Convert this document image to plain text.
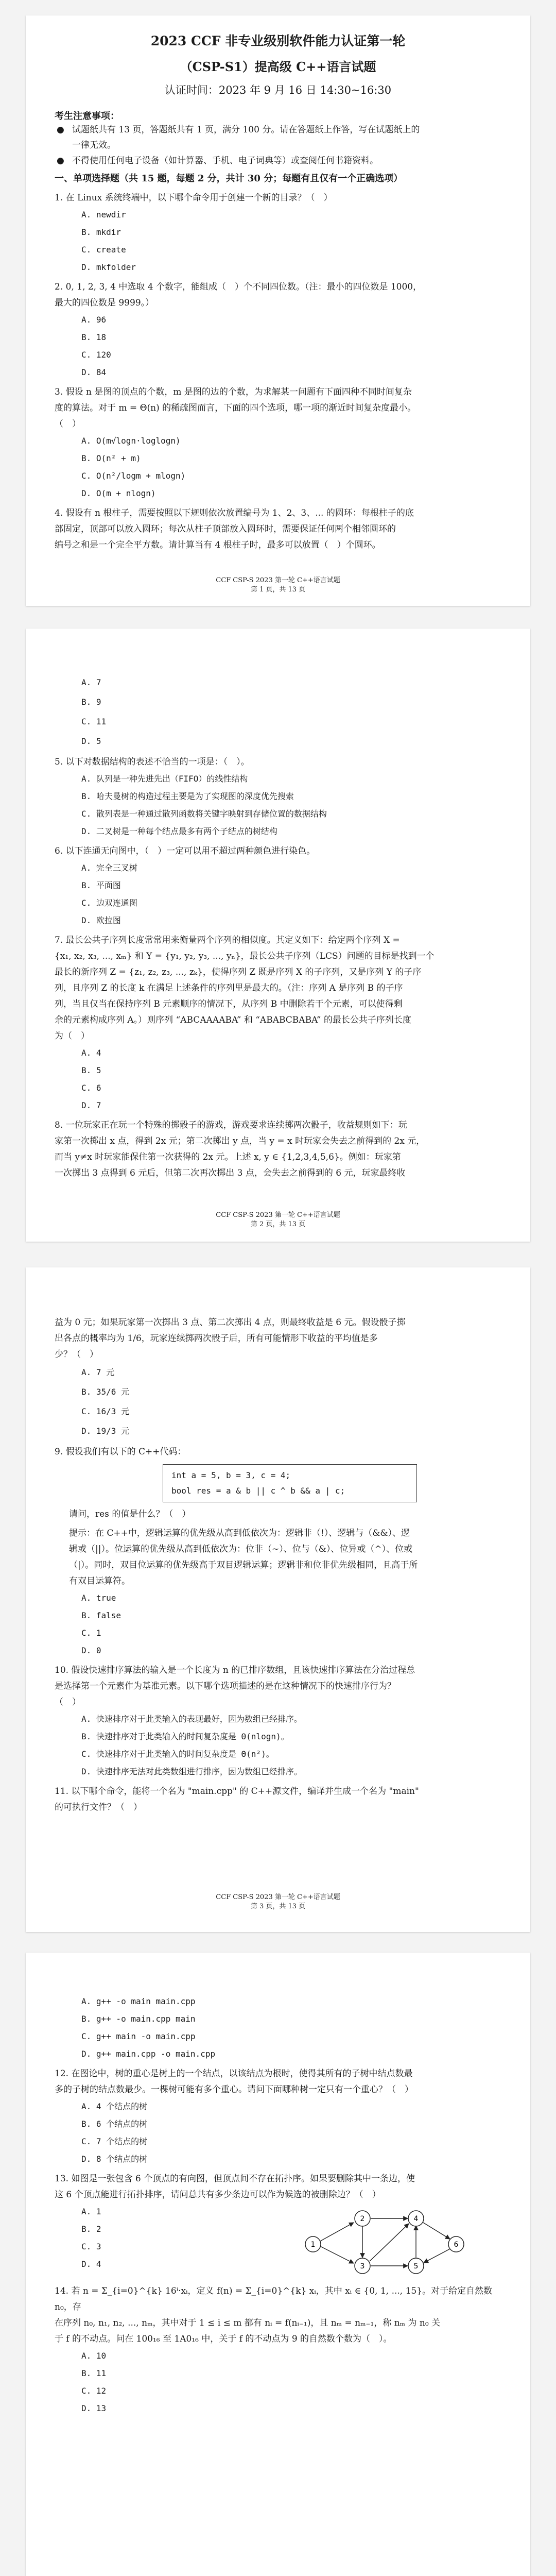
2023 CCF 非专业级别软件能力认证第一轮
（CSP-S1）提高级 C++语言试题
认证时间：2023 年 9 月 16 日 14:30~16:30
考生注意事项：
● 试题纸共有 13 页，答题纸共有 1 页，满分 100 分。请在答题纸上作答，写在试题纸上的
一律无效。
● 不得使用任何电子设备（如计算器、手机、电子词典等）或查阅任何书籍资料。
一、单项选择题（共 15 题，每题 2 分，共计 30 分；每题有且仅有一个正确选项）
1. 在 Linux 系统终端中，以下哪个命令用于创建一个新的目录？（　）
A. newdir
B. mkdir
C. create
D. mkfolder
2. 0, 1, 2, 3, 4 中选取 4 个数字，能组成（　）个不同四位数。（注：最小的四位数是 1000，
最大的四位数是 9999。）
A. 96
B. 18
C. 120
D. 84
3. 假设 n 是图的顶点的个数，m 是图的边的个数，为求解某一问题有下面四种不同时间复杂
度的算法。对于 m = Θ(n) 的稀疏图而言，下面的四个选项，哪一项的渐近时间复杂度最小。
（　）
A. O(m√logn·loglogn)
B. O(n² + m)
C. O(n²/logm + mlogn)
D. O(m + nlogn)
4. 假设有 n 根柱子，需要按照以下规则依次放置编号为 1、2、3、... 的圆环：每根柱子的底
部固定，顶部可以放入圆环；每次从柱子顶部放入圆环时，需要保证任何两个相邻圆环的
编号之和是一个完全平方数。请计算当有 4 根柱子时，最多可以放置（　）个圆环。
CCF CSP-S 2023 第一轮 C++语言试题
第 1 页，共 13 页
A. 7
B. 9
C. 11
D. 5
5. 以下对数据结构的表述不恰当的一项是：（　）。
A. 队列是一种先进先出（FIFO）的线性结构
B. 哈夫曼树的构造过程主要是为了实现图的深度优先搜索
C. 散列表是一种通过散列函数将关键字映射到存储位置的数据结构
D. 二叉树是一种每个结点最多有两个子结点的树结构
6. 以下连通无向图中，（　）一定可以用不超过两种颜色进行染色。
A. 完全三叉树
B. 平面图
C. 边双连通图
D. 欧拉图
7. 最长公共子序列长度常常用来衡量两个序列的相似度。其定义如下：给定两个序列 X =
{x₁, x₂, x₃, ..., xₘ} 和 Y = {y₁, y₂, y₃, ..., yₙ}，最长公共子序列（LCS）问题的目标是找到一个
最长的新序列 Z = {z₁, z₂, z₃, ..., zₖ}，使得序列 Z 既是序列 X 的子序列，又是序列 Y 的子序
列，且序列 Z 的长度 k 在满足上述条件的序列里是最大的。（注：序列 A 是序列 B 的子序
列，当且仅当在保持序列 B 元素顺序的情况下，从序列 B 中删除若干个元素，可以使得剩
余的元素构成序列 A。）则序列 “ABCAAAABA” 和 “ABABCBABA” 的最长公共子序列长度
为（　）
A. 4
B. 5
C. 6
D. 7
8. 一位玩家正在玩一个特殊的掷骰子的游戏，游戏要求连续掷两次骰子，收益规则如下：玩
家第一次掷出 x 点，得到 2x 元；第二次掷出 y 点，当 y = x 时玩家会失去之前得到的 2x 元，
而当 y≠x 时玩家能保住第一次获得的 2x 元。上述 x, y ∈ {1,2,3,4,5,6}。例如：玩家第
一次掷出 3 点得到 6 元后，但第二次再次掷出 3 点，会失去之前得到的 6 元，玩家最终收
CCF CSP-S 2023 第一轮 C++语言试题
第 2 页，共 13 页
益为 0 元；如果玩家第一次掷出 3 点、第二次掷出 4 点，则最终收益是 6 元。假设骰子掷
出各点的概率均为 1/6，玩家连续掷两次骰子后，所有可能情形下收益的平均值是多
少？（　）
A. 7 元
B. 35/6 元
C. 16/3 元
D. 19/3 元
9. 假设我们有以下的 C++代码：
int a = 5, b = 3, c = 4;
bool res = a & b || c ^ b && a | c;
请问，res 的值是什么？（　）
提示：在 C++中，逻辑运算的优先级从高到低依次为：逻辑非（!）、逻辑与（&&）、逻
辑或（||）。位运算的优先级从高到低依次为：位非（~）、位与（&）、位异或（^）、位或
（|）。同时，双目位运算的优先级高于双目逻辑运算；逻辑非和位非优先级相同，且高于所
有双目运算符。
A. true
B. false
C. 1
D. 0
10. 假设快速排序算法的输入是一个长度为 n 的已排序数组，且该快速排序算法在分治过程总
是选择第一个元素作为基准元素。以下哪个选项描述的是在这种情况下的快速排序行为？
（　）
A. 快速排序对于此类输入的表现最好，因为数组已经排序。
B. 快速排序对于此类输入的时间复杂度是 Θ(nlogn)。
C. 快速排序对于此类输入的时间复杂度是 Θ(n²)。
D. 快速排序无法对此类数组进行排序，因为数组已经排序。
11. 以下哪个命令，能将一个名为 "main.cpp" 的 C++源文件，编译并生成一个名为 "main"
的可执行文件？（　）
CCF CSP-S 2023 第一轮 C++语言试题
第 3 页，共 13 页
A. g++ -o main main.cpp
B. g++ -o main.cpp main
C. g++ main -o main.cpp
D. g++ main.cpp -o main.cpp
12. 在图论中，树的重心是树上的一个结点，以该结点为根时，使得其所有的子树中结点数最
多的子树的结点数最少。一棵树可能有多个重心。请问下面哪种树一定只有一个重心？（　）
A. 4 个结点的树
B. 6 个结点的树
C. 7 个结点的树
D. 8 个结点的树
13. 如图是一张包含 6 个顶点的有向图，但顶点间不存在拓扑序。如果要删除其中一条边，使
这 6 个顶点能进行拓扑排序，请问总共有多少条边可以作为候选的被删除边？（　）
A. 1
B. 2
C. 3
D. 4
1
2
3
4
5
6
14. 若 n = Σ_{i=0}^{k} 16ⁱ·xᵢ，定义 f(n) = Σ_{i=0}^{k} xᵢ，其中 xᵢ ∈ {0, 1, ..., 15}。对于给定自然数 n₀，存
在序列 n₀, n₁, n₂, ..., nₘ，其中对于 1 ≤ i ≤ m 都有 nᵢ = f(nᵢ₋₁)，且 nₘ = nₘ₋₁，称 nₘ 为 n₀ 关
于 f 的不动点。问在 100₁₆ 至 1A0₁₆ 中，关于 f 的不动点为 9 的自然数个数为（　）。
A. 10
B. 11
C. 12
D. 13
